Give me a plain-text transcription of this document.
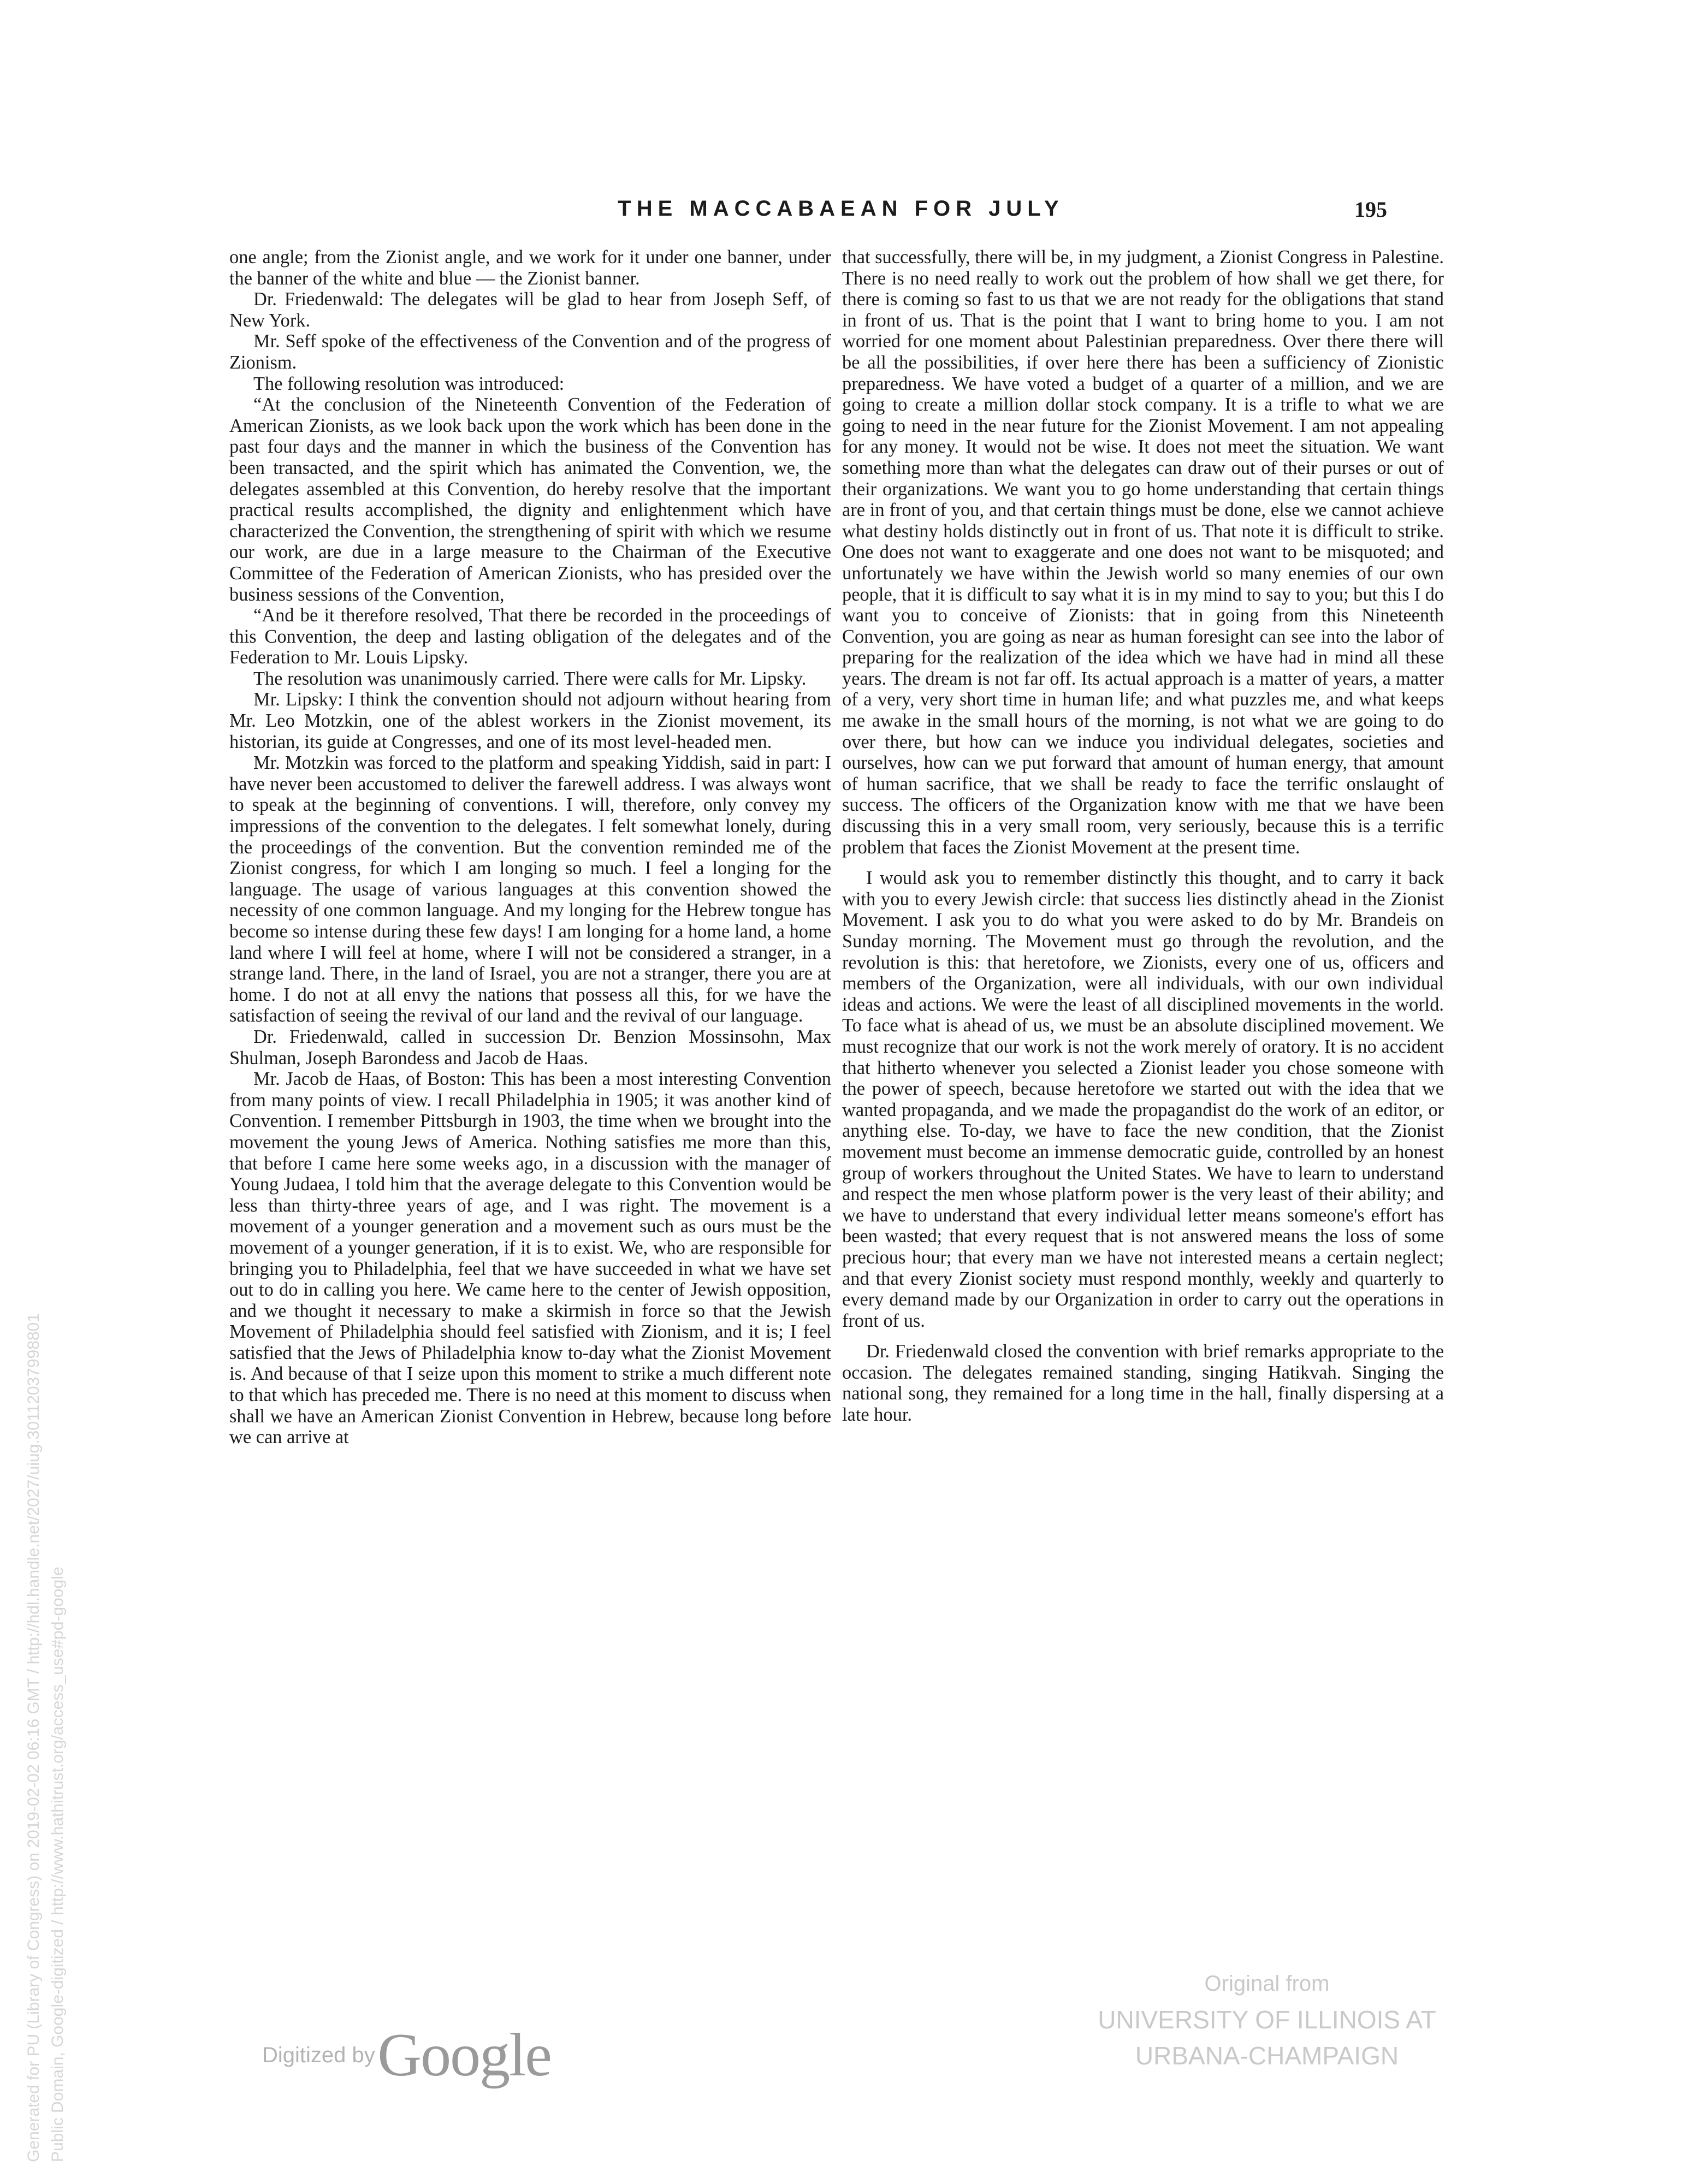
THE MACCABAEAN FOR JULY	195

one angle; from the Zionist angle, and we work for it under one banner, under the banner of the white and blue — the Zionist banner.

Dr. Friedenwald: The delegates will be glad to hear from Joseph Seff, of New York.

Mr. Seff spoke of the effectiveness of the Convention and of the progress of Zionism.

The following resolution was introduced:

“At the conclusion of the Nineteenth Convention of the Federation of American Zionists, as we look back upon the work which has been done in the past four days and the manner in which the business of the Convention has been transacted, and the spirit which has animated the Convention, we, the delegates assembled at this Convention, do hereby resolve that the important practical results accomplished, the dignity and enlightenment which have characterized the Convention, the strengthening of spirit with which we resume our work, are due in a large measure to the Chairman of the Executive Committee of the Federation of American Zionists, who has presided over the business sessions of the Convention,

“And be it therefore resolved, That there be recorded in the proceedings of this Convention, the deep and lasting obligation of the delegates and of the Federation to Mr. Louis Lipsky.

The resolution was unanimously carried. There were calls for Mr. Lipsky.

Mr. Lipsky: I think the convention should not adjourn without hearing from Mr. Leo Motzkin, one of the ablest workers in the Zionist movement, its historian, its guide at Congresses, and one of its most level-headed men.

Mr. Motzkin was forced to the platform and speaking Yiddish, said in part: I have never been accustomed to deliver the farewell address. I was always wont to speak at the beginning of conventions. I will, therefore, only convey my impressions of the convention to the delegates. I felt somewhat lonely, during the proceedings of the convention. But the convention reminded me of the Zionist congress, for which I am longing so much. I feel a longing for the language. The usage of various languages at this convention showed the necessity of one common language. And my longing for the Hebrew tongue has become so intense during these few days! I am longing for a home land, a home land where I will feel at home, where I will not be considered a stranger, in a strange land. There, in the land of Israel, you are not a stranger, there you are at home. I do not at all envy the nations that possess all this, for we have the satisfaction of seeing the revival of our land and the revival of our language.

Dr. Friedenwald, called in succession Dr. Benzion Mossinsohn, Max Shulman, Joseph Barondess and Jacob de Haas.

Mr. Jacob de Haas, of Boston: This has been a most interesting Convention from many points of view. I recall Philadelphia in 1905; it was another kind of Convention. I remember Pittsburgh in 1903, the time when we brought into the movement the young Jews of America. Nothing satisfies me more than this, that before I came here some weeks ago, in a discussion with the manager of Young Judaea, I told him that the average delegate to this Convention would be less than thirty-three years of age, and I was right. The movement is a movement of a younger generation and a movement such as ours must be the movement of a younger generation, if it is to exist. We, who are responsible for bringing you to Philadelphia, feel that we have succeeded in what we have set out to do in calling you here. We came here to the center of Jewish opposition, and we thought it necessary to make a skirmish in force so that the Jewish Movement of Philadelphia should feel satisfied with Zionism, and it is; I feel satisfied that the Jews of Philadelphia know to-day what the Zionist Movement is. And because of that I seize upon this moment to strike a much different note to that which has preceded me. There is no need at this moment to discuss when shall we have an American Zionist Convention in Hebrew, because long before we can arrive at

that successfully, there will be, in my judgment, a Zionist Congress in Palestine. There is no need really to work out the problem of how shall we get there, for there is coming so fast to us that we are not ready for the obligations that stand in front of us. That is the point that I want to bring home to you. I am not worried for one moment about Palestinian preparedness. Over there there will be all the possibilities, if over here there has been a sufficiency of Zionistic preparedness. We have voted a budget of a quarter of a million, and we are going to create a million dollar stock company. It is a trifle to what we are going to need in the near future for the Zionist Movement. I am not appealing for any money. It would not be wise. It does not meet the situation. We want something more than what the delegates can draw out of their purses or out of their organizations. We want you to go home understanding that certain things are in front of you, and that certain things must be done, else we cannot achieve what destiny holds distinctly out in front of us. That note it is difficult to strike. One does not want to exaggerate and one does not want to be misquoted; and unfortunately we have within the Jewish world so many enemies of our own people, that it is difficult to say what it is in my mind to say to you; but this I do want you to conceive of Zionists: that in going from this Nineteenth Convention, you are going as near as human foresight can see into the labor of preparing for the realization of the idea which we have had in mind all these years. The dream is not far off. Its actual approach is a matter of years, a matter of a very, very short time in human life; and what puzzles me, and what keeps me awake in the small hours of the morning, is not what we are going to do over there, but how can we induce you individual delegates, societies and ourselves, how can we put forward that amount of human energy, that amount of human sacrifice, that we shall be ready to face the terrific onslaught of success. The officers of the Organization know with me that we have been discussing this in a very small room, very seriously, because this is a terrific problem that faces the Zionist Movement at the present time.

I would ask you to remember distinctly this thought, and to carry it back with you to every Jewish circle: that success lies distinctly ahead in the Zionist Movement. I ask you to do what you were asked to do by Mr. Brandeis on Sunday morning. The Movement must go through the revolution, and the revolution is this: that heretofore, we Zionists, every one of us, officers and members of the Organization, were all individuals, with our own individual ideas and actions. We were the least of all disciplined movements in the world. To face what is ahead of us, we must be an absolute disciplined movement. We must recognize that our work is not the work merely of oratory. It is no accident that hitherto whenever you selected a Zionist leader you chose someone with the power of speech, because heretofore we started out with the idea that we wanted propaganda, and we made the propagandist do the work of an editor, or anything else. To-day, we have to face the new condition, that the Zionist movement must become an immense democratic guide, controlled by an honest group of workers throughout the United States. We have to learn to understand and respect the men whose platform power is the very least of their ability; and we have to understand that every individual letter means someone's effort has been wasted; that every request that is not answered means the loss of some precious hour; that every man we have not interested means a certain neglect; and that every Zionist society must respond monthly, weekly and quarterly to every demand made by our Organization in order to carry out the operations in front of us.

Dr. Friedenwald closed the convention with brief remarks appropriate to the occasion. The delegates remained standing, singing Hatikvah. Singing the national song, they remained for a long time in the hall, finally dispersing at a late hour.

Generated for PU (Library of Congress) on 2019-02-02 06:16 GMT / http://hdl.handle.net/2027/uiug.30112037998801 Public Domain, Google-digitized / http://www.hathitrust.org/access_use#pd-google	Digitized by Google
Original from
UNIVERSITY OF ILLINOIS AT
URBANA-CHAMPAIGN
